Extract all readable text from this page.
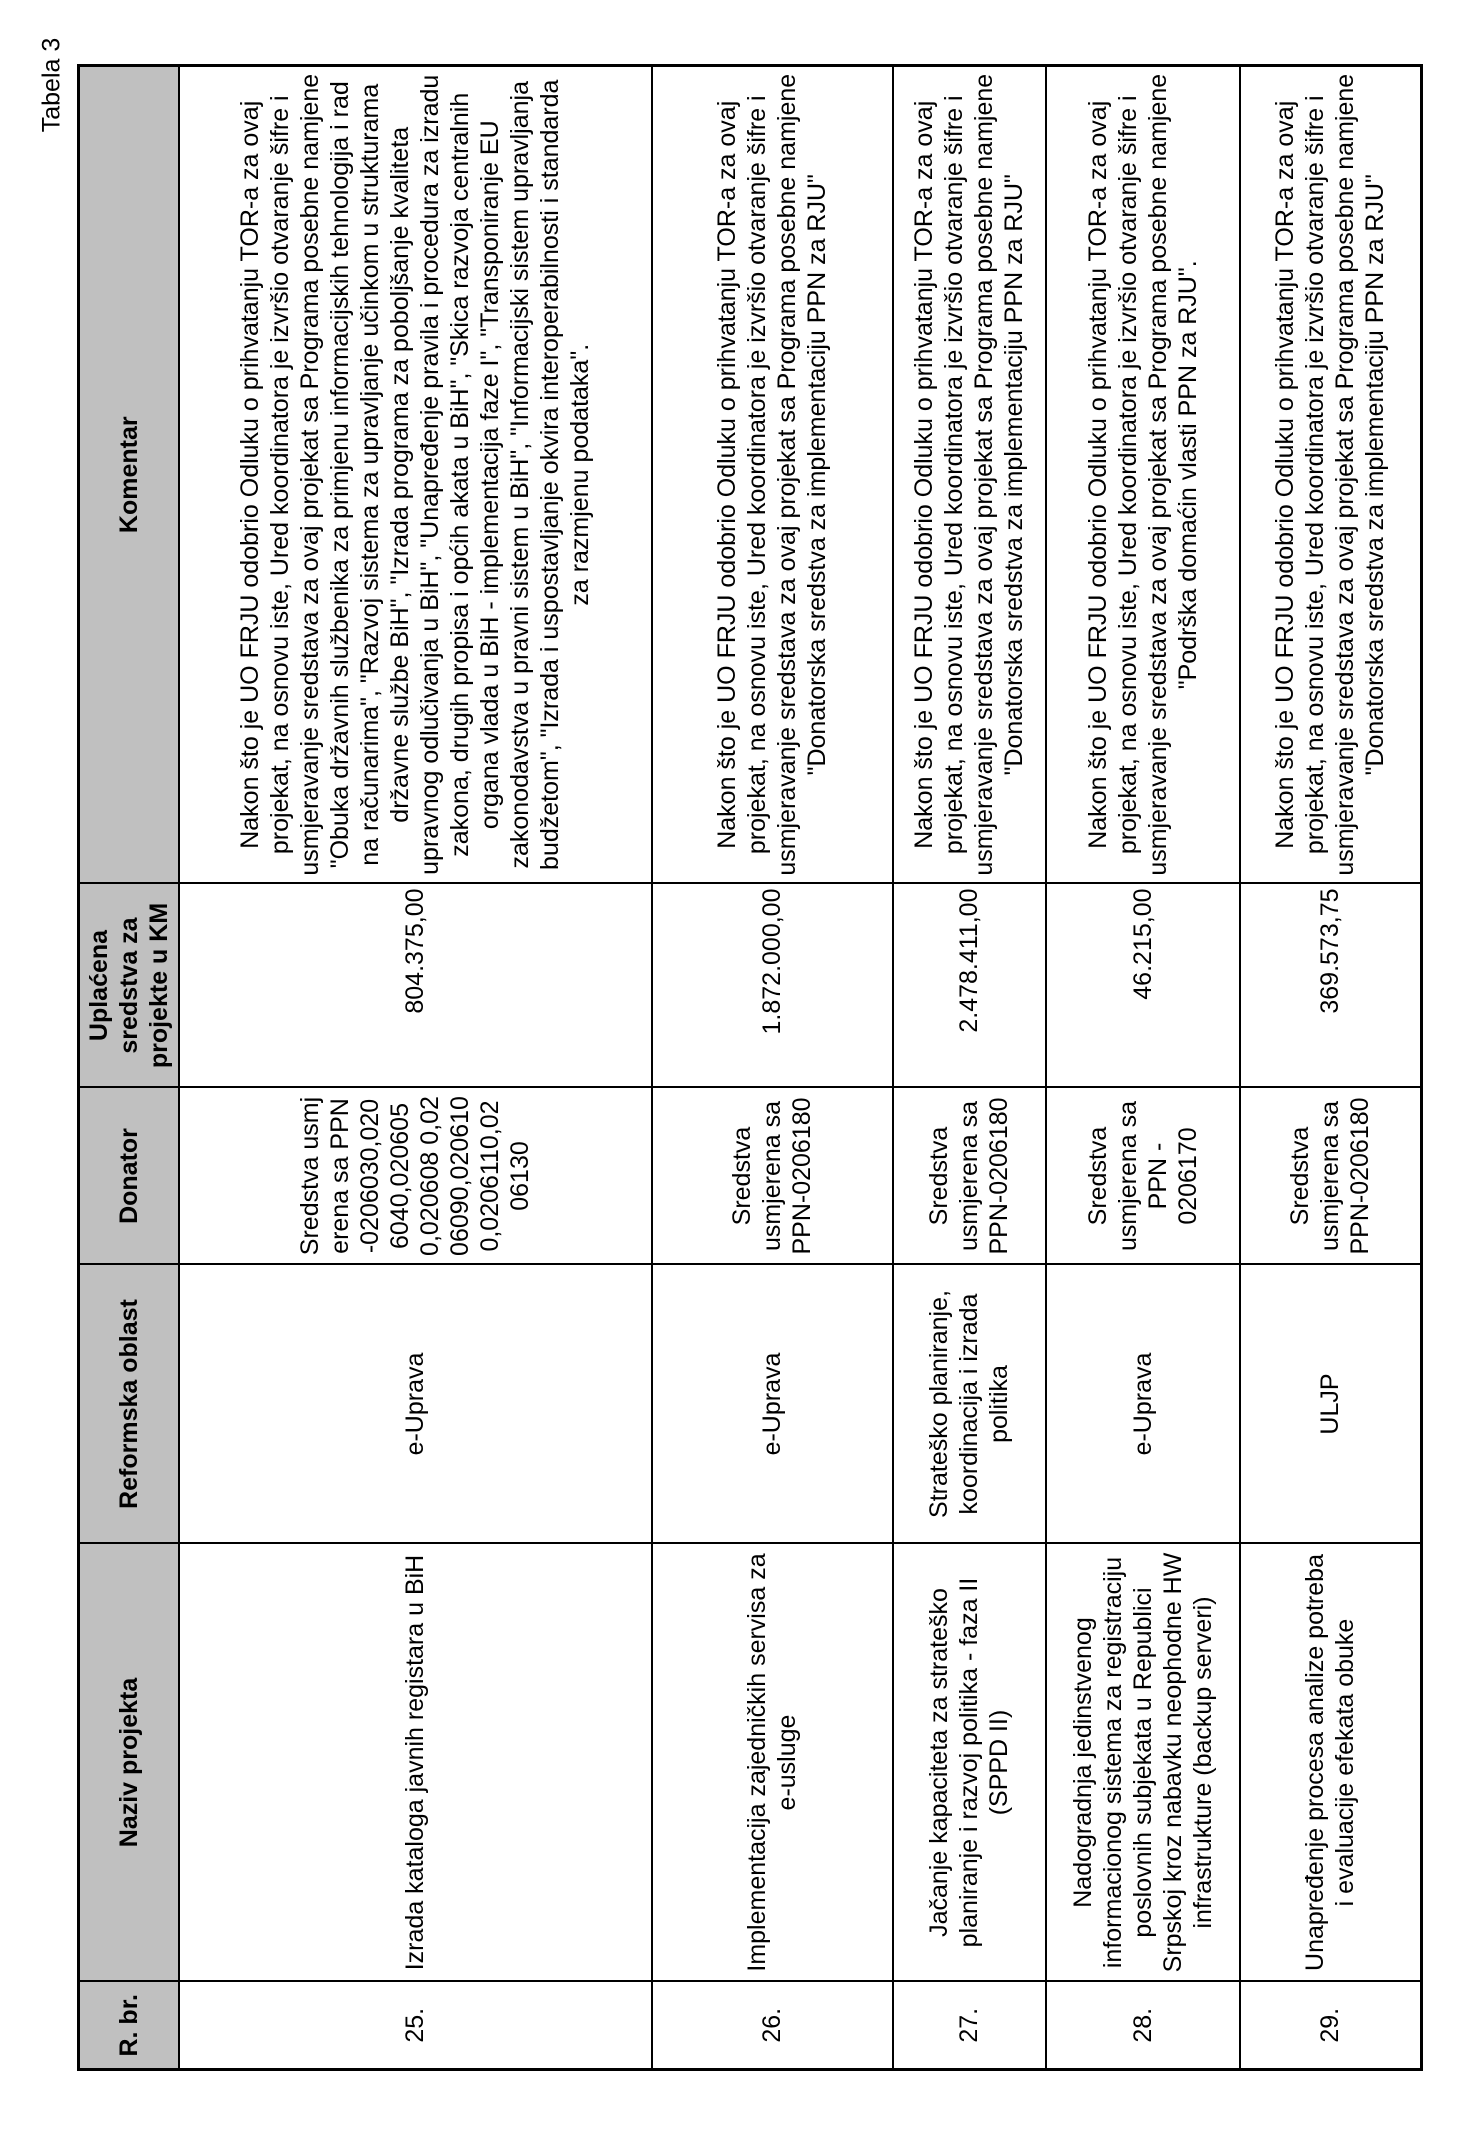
Tabela 3
R. br.	Naziv projekta	Reformska oblast	Donator	Uplaćena sredstva za projekte u KM	Komentar
25.	Izrada kataloga javnih registara u BiH	e-Uprava	Sredstva usmjerena sa PPN-0206030,0206040,0206050,020608 0,0206090,0206100,0206110,0206130	804.375,00	Nakon što je UO FRJU odobrio Odluku o prihvatanju TOR-a za ovaj projekat, na osnovu iste, Ured koordinatora je izvršio otvaranje šifre i usmjeravanje sredstava za ovaj projekat sa Programa posebne namjene "Obuka državnih službenika za primjenu informacijskih tehnologija i rad na računarima", "Razvoj sistema za upravljanje učinkom u strukturama državne službe BiH", "Izrada programa za poboljšanje kvaliteta upravnog odlučivanja u BiH", "Unapređenje pravila i procedura za izradu zakona, drugih propisa i općih akata u BiH", "Skica razvoja centralnih organa vlada u BiH - implementacija faze I", "Transponiranje EU zakonodavstva u pravni sistem u BiH", "Informacijski sistem upravljanja budžetom", "Izrada i uspostavljanje okvira interoperabilnosti i standarda za razmjenu podataka".
26.	Implementacija zajedničkih servisa za e-usluge	e-Uprava	Sredstva usmjerena sa PPN-0206180	1.872.000,00	Nakon što je UO FRJU odobrio Odluku o prihvatanju TOR-a za ovaj projekat, na osnovu iste, Ured koordinatora je izvršio otvaranje šifre i usmjeravanje sredstava za ovaj projekat sa Programa posebne namjene "Donatorska sredstva za implementaciju PPN za RJU"
27.	Jačanje kapaciteta za strateško planiranje i razvoj politika - faza II (SPPD II)	Strateško planiranje, koordinacija i izrada politika	Sredstva usmjerena sa PPN-0206180	2.478.411,00	Nakon što je UO FRJU odobrio Odluku o prihvatanju TOR-a za ovaj projekat, na osnovu iste, Ured koordinatora je izvršio otvaranje šifre i usmjeravanje sredstava za ovaj projekat sa Programa posebne namjene "Donatorska sredstva za implementaciju PPN za RJU"
28.	Nadogradnja jedinstvenog informacionog sistema za registraciju poslovnih subjekata u Republici Srpskoj kroz nabavku neophodne HW infrastrukture (backup serveri)	e-Uprava	Sredstva usmjerena sa PPN - 0206170	46.215,00	Nakon što je UO FRJU odobrio Odluku o prihvatanju TOR-a za ovaj projekat, na osnovu iste, Ured koordinatora je izvršio otvaranje šifre i usmjeravanje sredstava za ovaj projekat sa Programa posebne namjene "Podrška domaćin vlasti PPN za RJU".
29.	Unapređenje procesa analize potreba i evaluacije efekata obuke	ULJP	Sredstva usmjerena sa PPN-0206180	369.573,75	Nakon što je UO FRJU odobrio Odluku o prihvatanju TOR-a za ovaj projekat, na osnovu iste, Ured koordinatora je izvršio otvaranje šifre i usmjeravanje sredstava za ovaj projekat sa Programa posebne namjene "Donatorska sredstva za implementaciju PPN za RJU"
